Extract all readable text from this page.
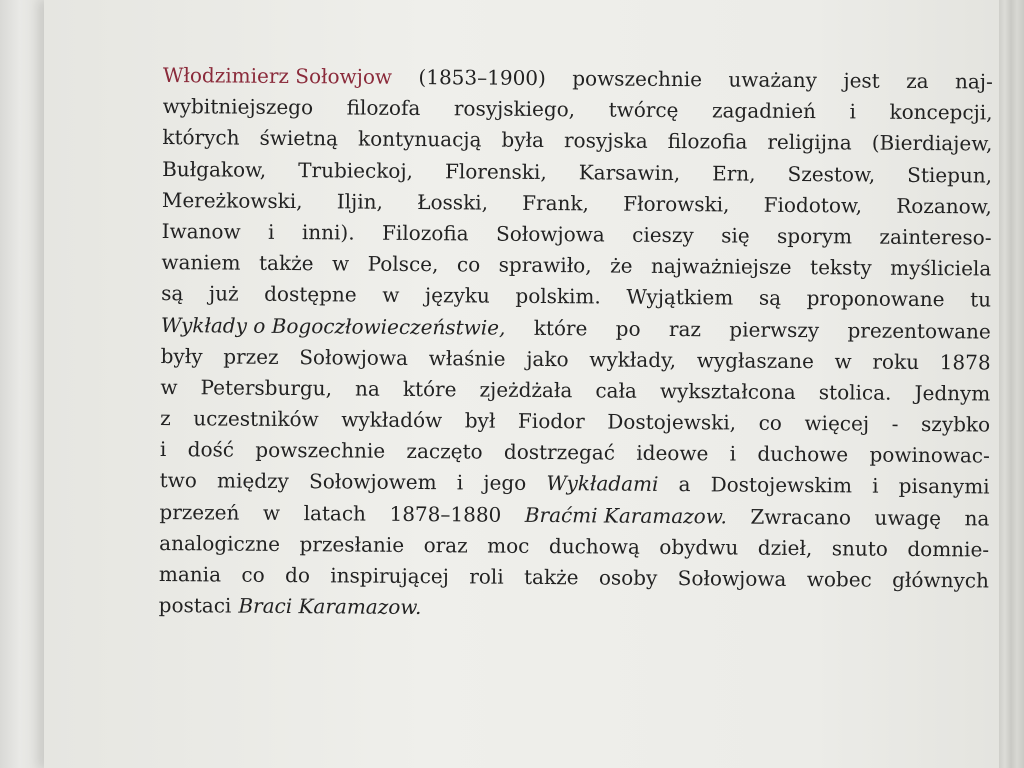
Włodzimierz Sołowjow (1853–1900) powszechnie uważany jest za naj-
wybitniejszego filozofa rosyjskiego, twórcę zagadnień i koncepcji,
których świetną kontynuacją była rosyjska filozofia religijna (Bierdiajew,
Bułgakow, Trubieckoj, Florenski, Karsawin, Ern, Szestow, Stiepun,
Mereżkowski, Iljin, Łosski, Frank, Fłorowski, Fiodotow, Rozanow,
Iwanow i inni). Filozofia Sołowjowa cieszy się sporym zaintereso-
waniem także w Polsce, co sprawiło, że najważniejsze teksty myśliciela
są już dostępne w języku polskim. Wyjątkiem są proponowane tu
Wykłady o Bogoczłowieczeństwie, które po raz pierwszy prezentowane
były przez Sołowjowa właśnie jako wykłady, wygłaszane w roku 1878
w Petersburgu, na które zjeżdżała cała wykształcona stolica. Jednym
z uczestników wykładów był Fiodor Dostojewski, co więcej - szybko
i dość powszechnie zaczęto dostrzegać ideowe i duchowe powinowac-
two między Sołowjowem i jego Wykładami a Dostojewskim i pisanymi
przezeń w latach 1878–1880 Braćmi Karamazow. Zwracano uwagę na
analogiczne przesłanie oraz moc duchową obydwu dzieł, snuto domnie-
mania co do inspirującej roli także osoby Sołowjowa wobec głównych
postaci Braci Karamazow.
